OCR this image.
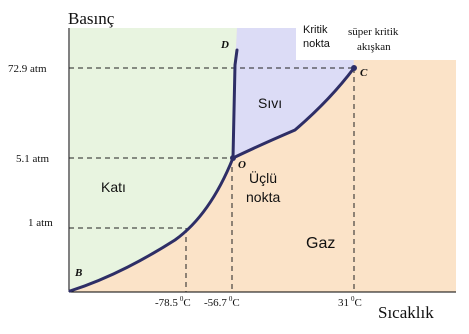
Basınç
Sıcaklık
72.9 atm
5.1 atm
1 atm
-78.5 $^0$C -56.7 $^0$C	31 $^0$C
Katı
Sıvı
Gaz
B
D
O
C
Üçlü
nokta
Kritik
nokta
süper kritik
akışkan
